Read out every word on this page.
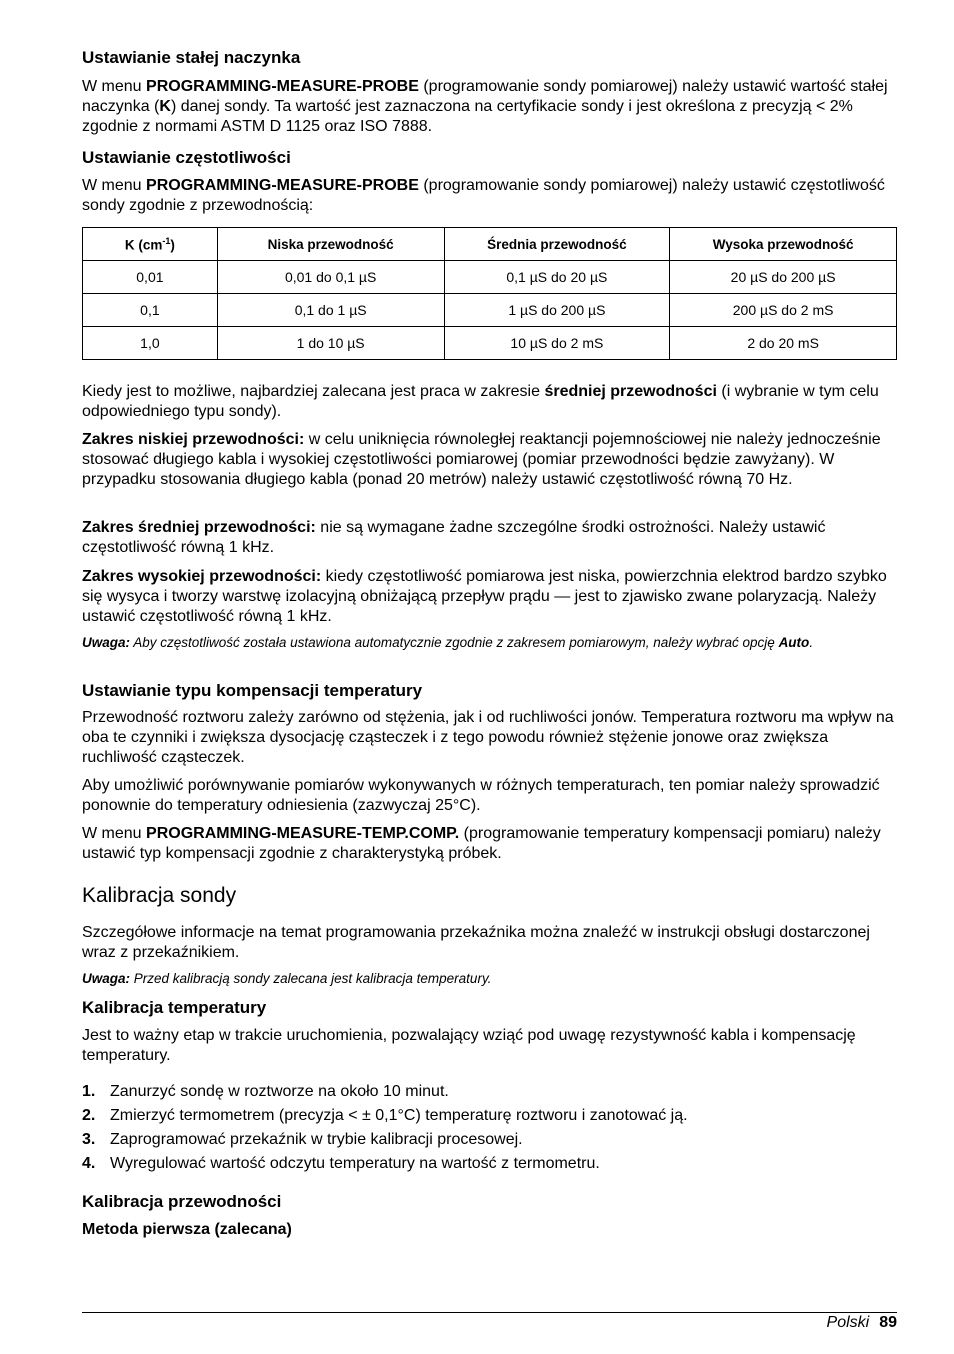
Ustawianie stałej naczynka

W menu PROGRAMMING-MEASURE-PROBE (programowanie sondy pomiarowej) należy ustawić wartość stałej naczynka (K) danej sondy. Ta wartość jest zaznaczona na certyfikacie sondy i jest określona z precyzją < 2% zgodnie z normami ASTM D 1125 oraz ISO 7888.

Ustawianie częstotliwości

W menu PROGRAMMING-MEASURE-PROBE (programowanie sondy pomiarowej) należy ustawić częstotliwość sondy zgodnie z przewodnością:

K $(cm^{-1})$	Niska przewodność	Średnia przewodność	Wysoka przewodność
0,01	0,01 do 0,1 µS	0,1 µS do 20 µS	20 µS do 200 µS
0,1	0,1 do 1 µS	1 µS do 200 µS	200 µS do 2 mS
1,0	1 do 10 µS	10 µS do 2 mS	2 do 20 mS

Kiedy jest to możliwe, najbardziej zalecana jest praca w zakresie średniej przewodności (i wybranie w tym celu odpowiedniego typu sondy).

Zakres niskiej przewodności: w celu uniknięcia równoległej reaktancji pojemnościowej nie należy jednocześnie stosować długiego kabla i wysokiej częstotliwości pomiarowej (pomiar przewodności będzie zawyżany). W przypadku stosowania długiego kabla (ponad 20 metrów) należy ustawić częstotliwość równą 70 Hz.

Zakres średniej przewodności: nie są wymagane żadne szczególne środki ostrożności. Należy ustawić częstotliwość równą 1 kHz.

Zakres wysokiej przewodności: kiedy częstotliwość pomiarowa jest niska, powierzchnia elektrod bardzo szybko się wysyca i tworzy warstwę izolacyjną obniżającą przepływ prądu — jest to zjawisko zwane polaryzacją. Należy ustawić częstotliwość równą 1 kHz.

Uwaga: Aby częstotliwość została ustawiona automatycznie zgodnie z zakresem pomiarowym, należy wybrać opcję Auto.

Ustawianie typu kompensacji temperatury

Przewodność roztworu zależy zarówno od stężenia, jak i od ruchliwości jonów. Temperatura roztworu ma wpływ na oba te czynniki i zwiększa dysocjację cząsteczek i z tego powodu również stężenie jonowe oraz zwiększa ruchliwość cząsteczek.

Aby umożliwić porównywanie pomiarów wykonywanych w różnych temperaturach, ten pomiar należy sprowadzić ponownie do temperatury odniesienia (zazwyczaj 25°C).

W menu PROGRAMMING-MEASURE-TEMP.COMP. (programowanie temperatury kompensacji pomiaru) należy ustawić typ kompensacji zgodnie z charakterystyką próbek.

Kalibracja sondy

Szczegółowe informacje na temat programowania przekaźnika można znaleźć w instrukcji obsługi dostarczonej wraz z przekaźnikiem.

Uwaga: Przed kalibracją sondy zalecana jest kalibracja temperatury.

Kalibracja temperatury

Jest to ważny etap w trakcie uruchomienia, pozwalający wziąć pod uwagę rezystywność kabla i kompensację temperatury.

1. Zanurzyć sondę w roztworze na około 10 minut.
2. Zmierzyć termometrem (precyzja < ± 0,1°C) temperaturę roztworu i zanotować ją.
3. Zaprogramować przekaźnik w trybie kalibracji procesowej.
4. Wyregulować wartość odczytu temperatury na wartość z termometru.
Kalibracja przewodności

Metoda pierwsza (zalecana)

Polski 89
